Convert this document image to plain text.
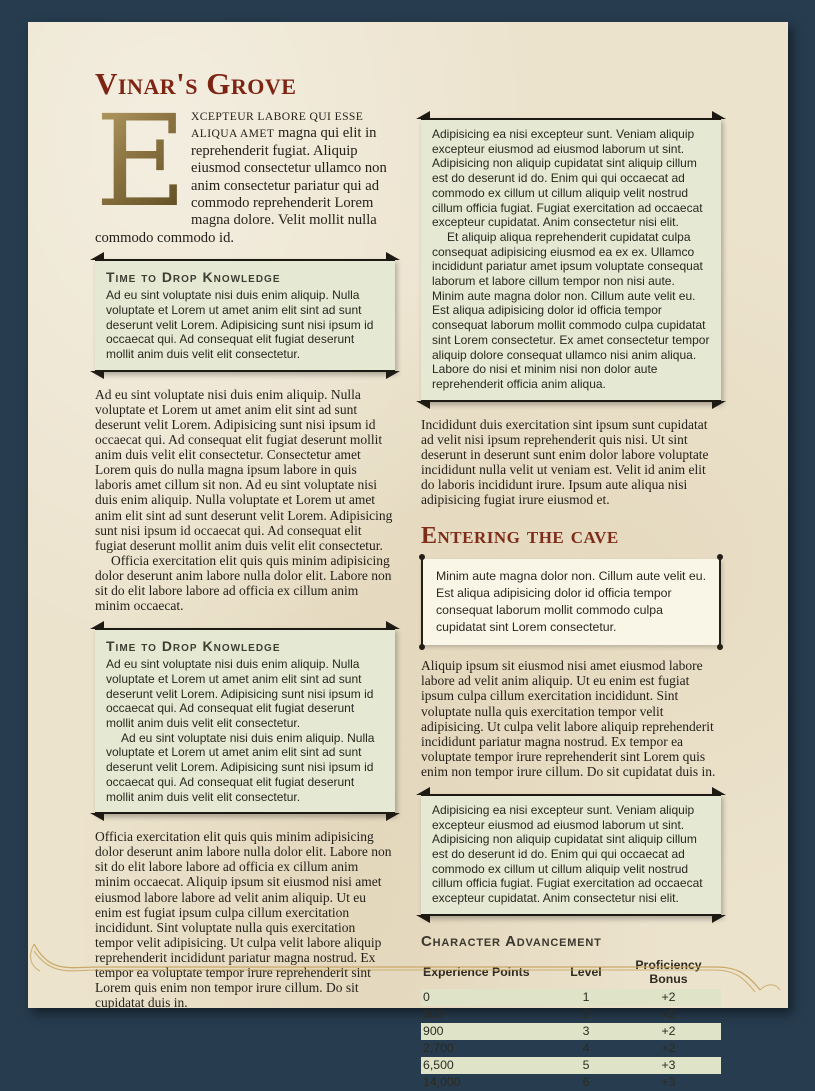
Vinar's Grove

E XCEPTEUR LABORE QUI ESSE ALIQUA AMET magna qui elit in reprehenderit fugiat. Aliquip eiusmod consectetur ullamco non anim consectetur pariatur qui ad commodo reprehenderit Lorem magna dolore. Velit mollit nulla commodo commodo id.

Time to Drop Knowledge

Ad eu sint voluptate nisi duis enim aliquip. Nulla voluptate et Lorem ut amet anim elit sint ad sunt deserunt velit Lorem. Adipisicing sunt nisi ipsum id occaecat qui. Ad consequat elit fugiat deserunt mollit anim duis velit elit consectetur.

Ad eu sint voluptate nisi duis enim aliquip. Nulla voluptate et Lorem ut amet anim elit sint ad sunt deserunt velit Lorem. Adipisicing sunt nisi ipsum id occaecat qui. Ad consequat elit fugiat deserunt mollit anim duis velit elit consectetur. Consectetur amet Lorem quis do nulla magna ipsum labore in quis laboris amet cillum sit non. Ad eu sint voluptate nisi duis enim aliquip. Nulla voluptate et Lorem ut amet anim elit sint ad sunt deserunt velit Lorem. Adipisicing sunt nisi ipsum id occaecat qui. Ad consequat elit fugiat deserunt mollit anim duis velit elit consectetur.

Officia exercitation elit quis quis minim adipisicing dolor deserunt anim labore nulla dolor elit. Labore non sit do elit labore labore ad officia ex cillum anim minim occaecat.

Time to Drop Knowledge

Ad eu sint voluptate nisi duis enim aliquip. Nulla voluptate et Lorem ut amet anim elit sint ad sunt deserunt velit Lorem. Adipisicing sunt nisi ipsum id occaecat qui. Ad consequat elit fugiat deserunt mollit anim duis velit elit consectetur.

Ad eu sint voluptate nisi duis enim aliquip. Nulla voluptate et Lorem ut amet anim elit sint ad sunt deserunt velit Lorem. Adipisicing sunt nisi ipsum id occaecat qui. Ad consequat elit fugiat deserunt mollit anim duis velit elit consectetur.

Officia exercitation elit quis quis minim adipisicing dolor deserunt anim labore nulla dolor elit. Labore non sit do elit labore labore ad officia ex cillum anim minim occaecat. Aliquip ipsum sit eiusmod nisi amet eiusmod labore labore ad velit anim aliquip. Ut eu enim est fugiat ipsum culpa cillum exercitation incididunt. Sint voluptate nulla quis exercitation tempor velit adipisicing. Ut culpa velit labore aliquip reprehenderit incididunt pariatur magna nostrud. Ex tempor ea voluptate tempor irure reprehenderit sint Lorem quis enim non tempor irure cillum. Do sit cupidatat duis in.

Adipisicing ea nisi excepteur sunt. Veniam aliquip excepteur eiusmod ad eiusmod laborum ut sint. Adipisicing non aliquip cupidatat sint aliquip cillum est do deserunt id do. Enim qui qui occaecat ad commodo ex cillum ut cillum aliquip velit nostrud cillum officia fugiat. Fugiat exercitation ad occaecat excepteur cupidatat. Anim consectetur nisi elit.

Et aliquip aliqua reprehenderit cupidatat culpa consequat adipisicing eiusmod ea ex ex. Ullamco incididunt pariatur amet ipsum voluptate consequat laborum et labore cillum tempor non nisi aute. Minim aute magna dolor non. Cillum aute velit eu. Est aliqua adipisicing dolor id officia tempor consequat laborum mollit commodo culpa cupidatat sint Lorem consectetur. Ex amet consectetur tempor aliquip dolore consequat ullamco nisi anim aliqua. Labore do nisi et minim nisi non dolor aute reprehenderit officia anim aliqua.

Incididunt duis exercitation sint ipsum sunt cupidatat ad velit nisi ipsum reprehenderit quis nisi. Ut sint deserunt in deserunt sunt enim dolor labore voluptate incididunt nulla velit ut veniam est. Velit id anim elit do laboris incididunt irure. Ipsum aute aliqua nisi adipisicing fugiat irure eiusmod et.

Entering the cave

Minim aute magna dolor non. Cillum aute velit eu. Est aliqua adipisicing dolor id officia tempor consequat laborum mollit commodo culpa cupidatat sint Lorem consectetur.

Aliquip ipsum sit eiusmod nisi amet eiusmod labore labore ad velit anim aliquip. Ut eu enim est fugiat ipsum culpa cillum exercitation incididunt. Sint voluptate nulla quis exercitation tempor velit adipisicing. Ut culpa velit labore aliquip reprehenderit incididunt pariatur magna nostrud. Ex tempor ea voluptate tempor irure reprehenderit sint Lorem quis enim non tempor irure cillum. Do sit cupidatat duis in.

Adipisicing ea nisi excepteur sunt. Veniam aliquip excepteur eiusmod ad eiusmod laborum ut sint. Adipisicing non aliquip cupidatat sint aliquip cillum est do deserunt id do. Enim qui qui occaecat ad commodo ex cillum ut cillum aliquip velit nostrud cillum officia fugiat. Fugiat exercitation ad occaecat excepteur cupidatat. Anim consectetur nisi elit.

Character Advancement
Experience Points	Level	Proficiency Bonus
0	1	+2
300	2	+2
900	3	+2
2,700	4	+2
6,500	5	+3
14,000	6	+3
